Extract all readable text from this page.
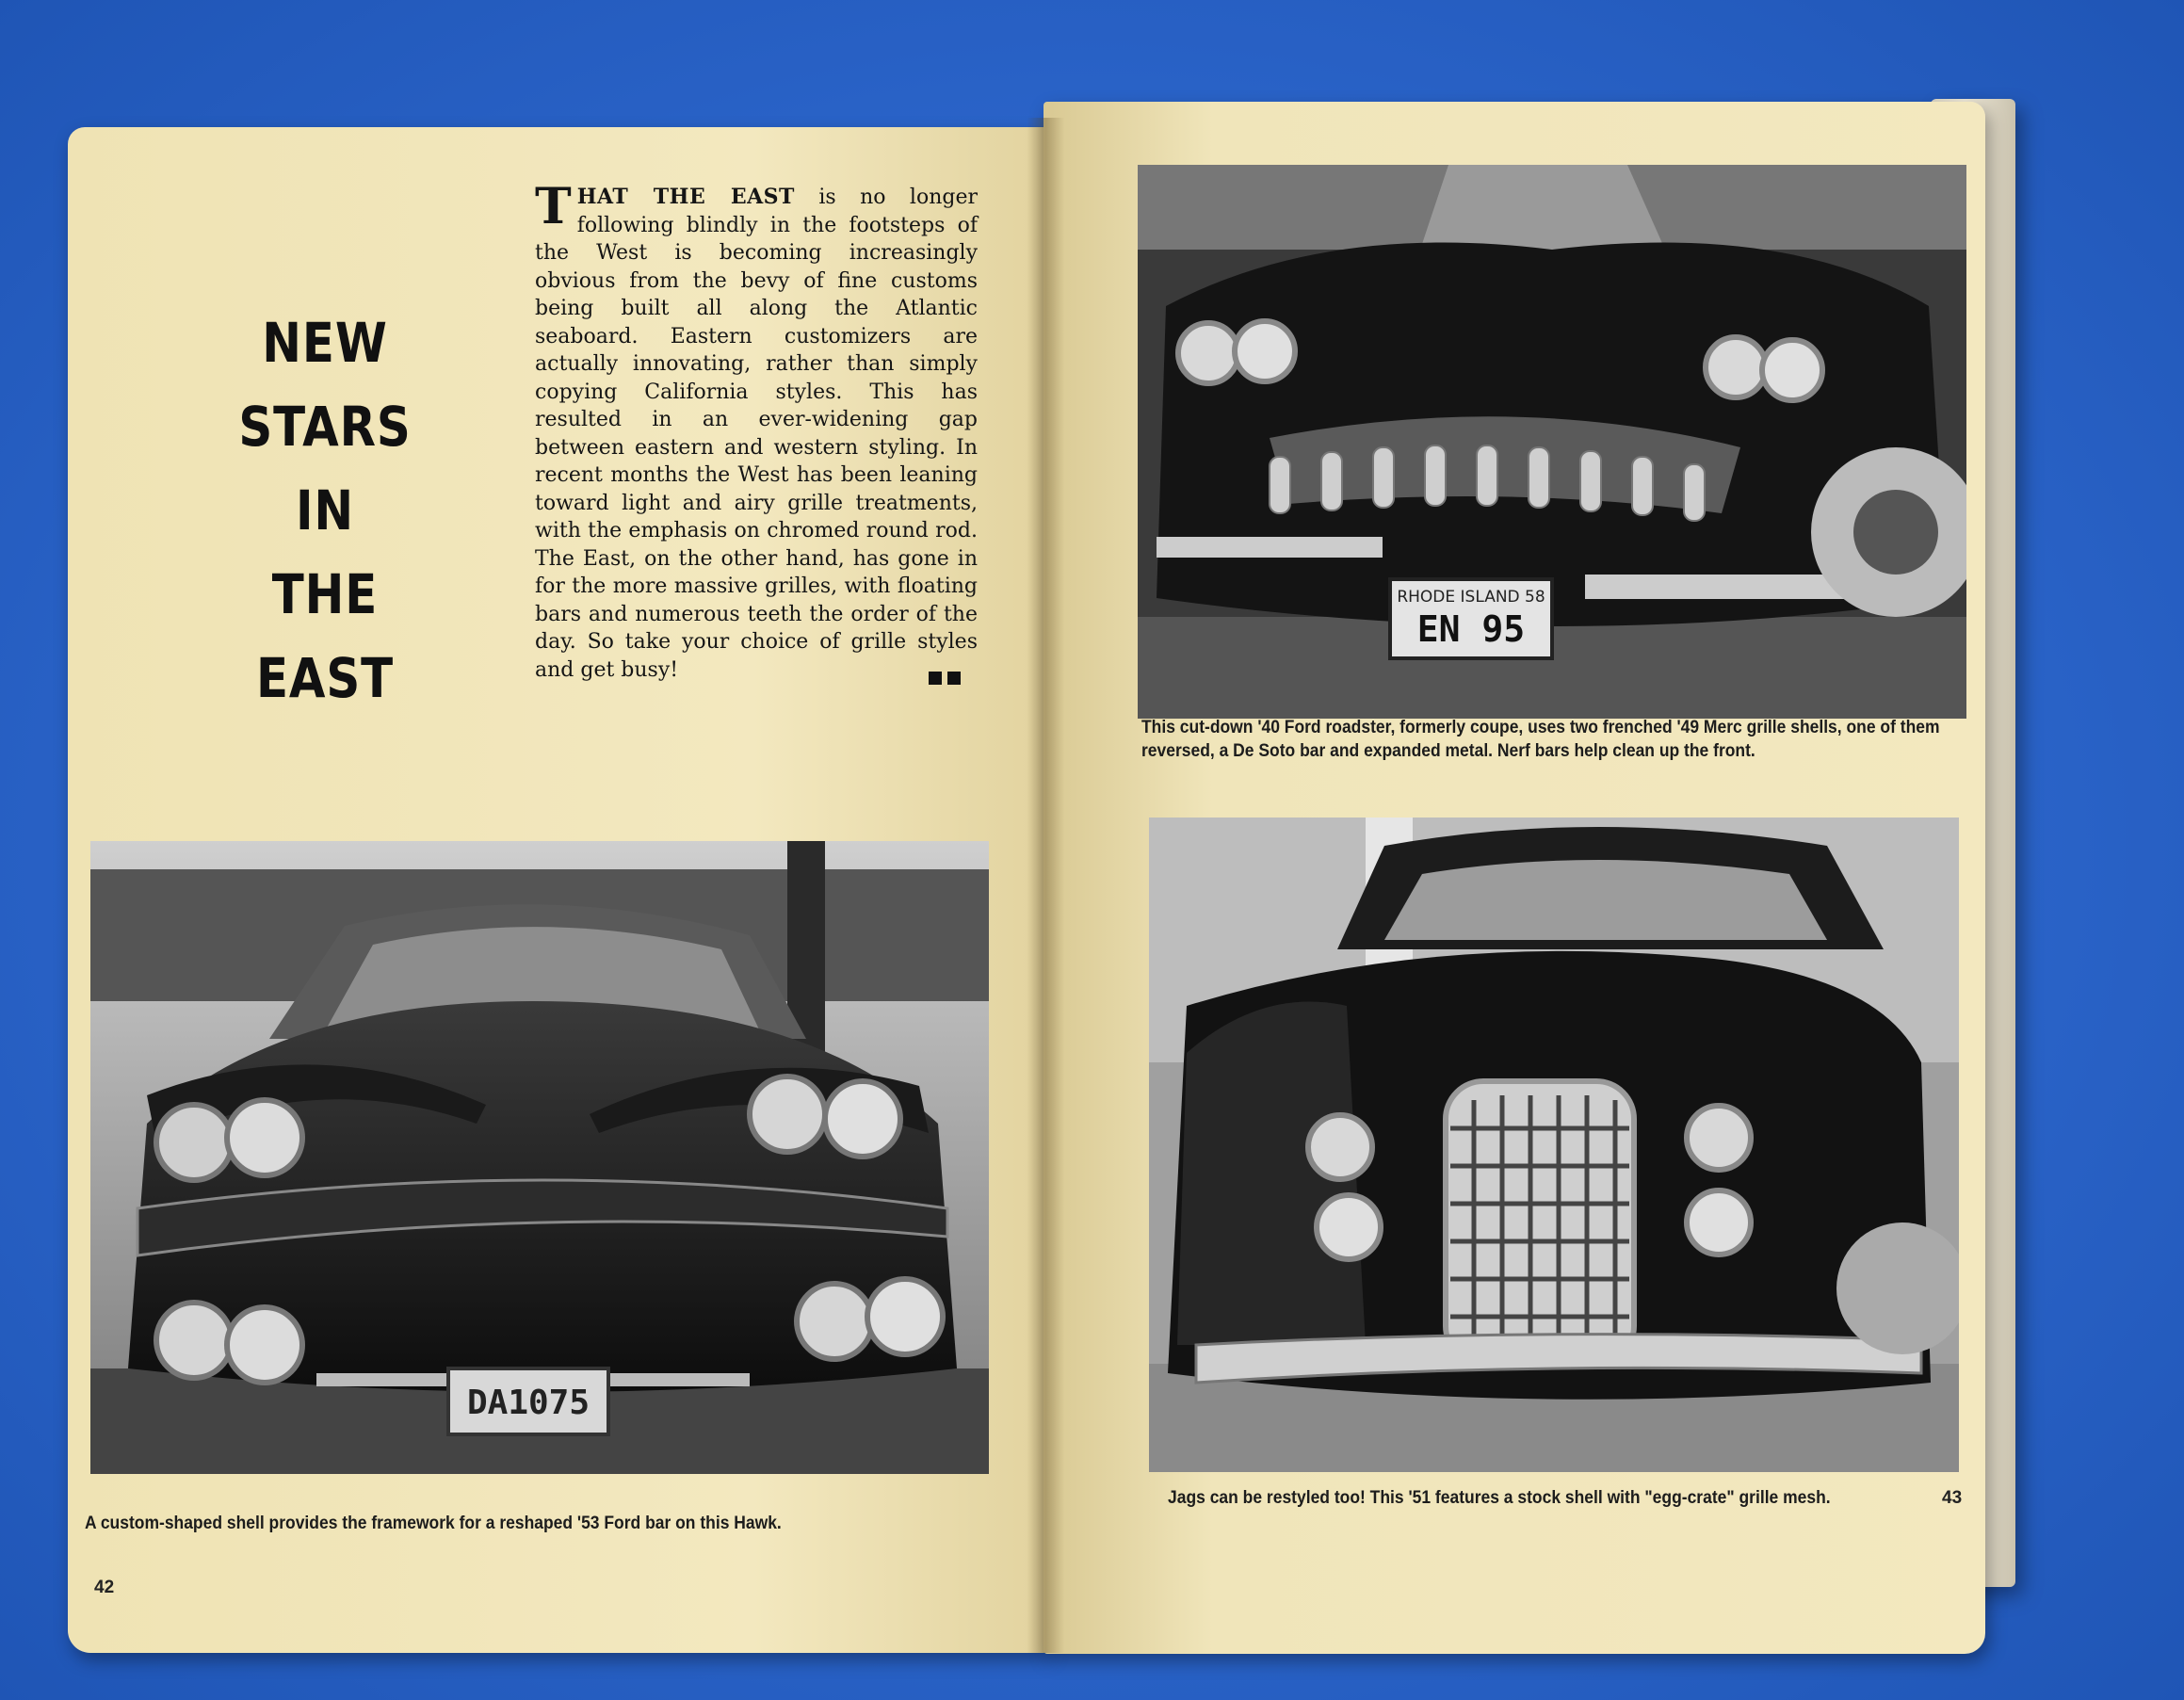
NEW
STARS
IN
THE
EAST
THAT THE EAST is no longer following blindly in the footsteps of the West is becoming increasingly obvious from the bevy of fine customs being built all along the Atlantic seaboard. Eastern customizers are actually innovating, rather than simply copying California styles. This has resulted in an ever-widening gap between eastern and western styling. In recent months the West has been leaning toward light and airy grille treatments, with the emphasis on chromed round rod. The East, on the other hand, has gone in for the more massive grilles, with floating bars and numerous teeth the order of the day. So take your choice of grille styles and get busy!
DA1075
A custom-shaped shell provides the framework for a reshaped '53 Ford bar on this Hawk.
42
RHODE ISLAND 58
EN 95
This cut-down '40 Ford roadster, formerly coupe, uses two frenched '49 Merc grille shells, one of them reversed, a De Soto bar and expanded metal. Nerf bars help clean up the front.
Jags can be restyled too! This '51 features a stock shell with "egg-crate" grille mesh.	43
